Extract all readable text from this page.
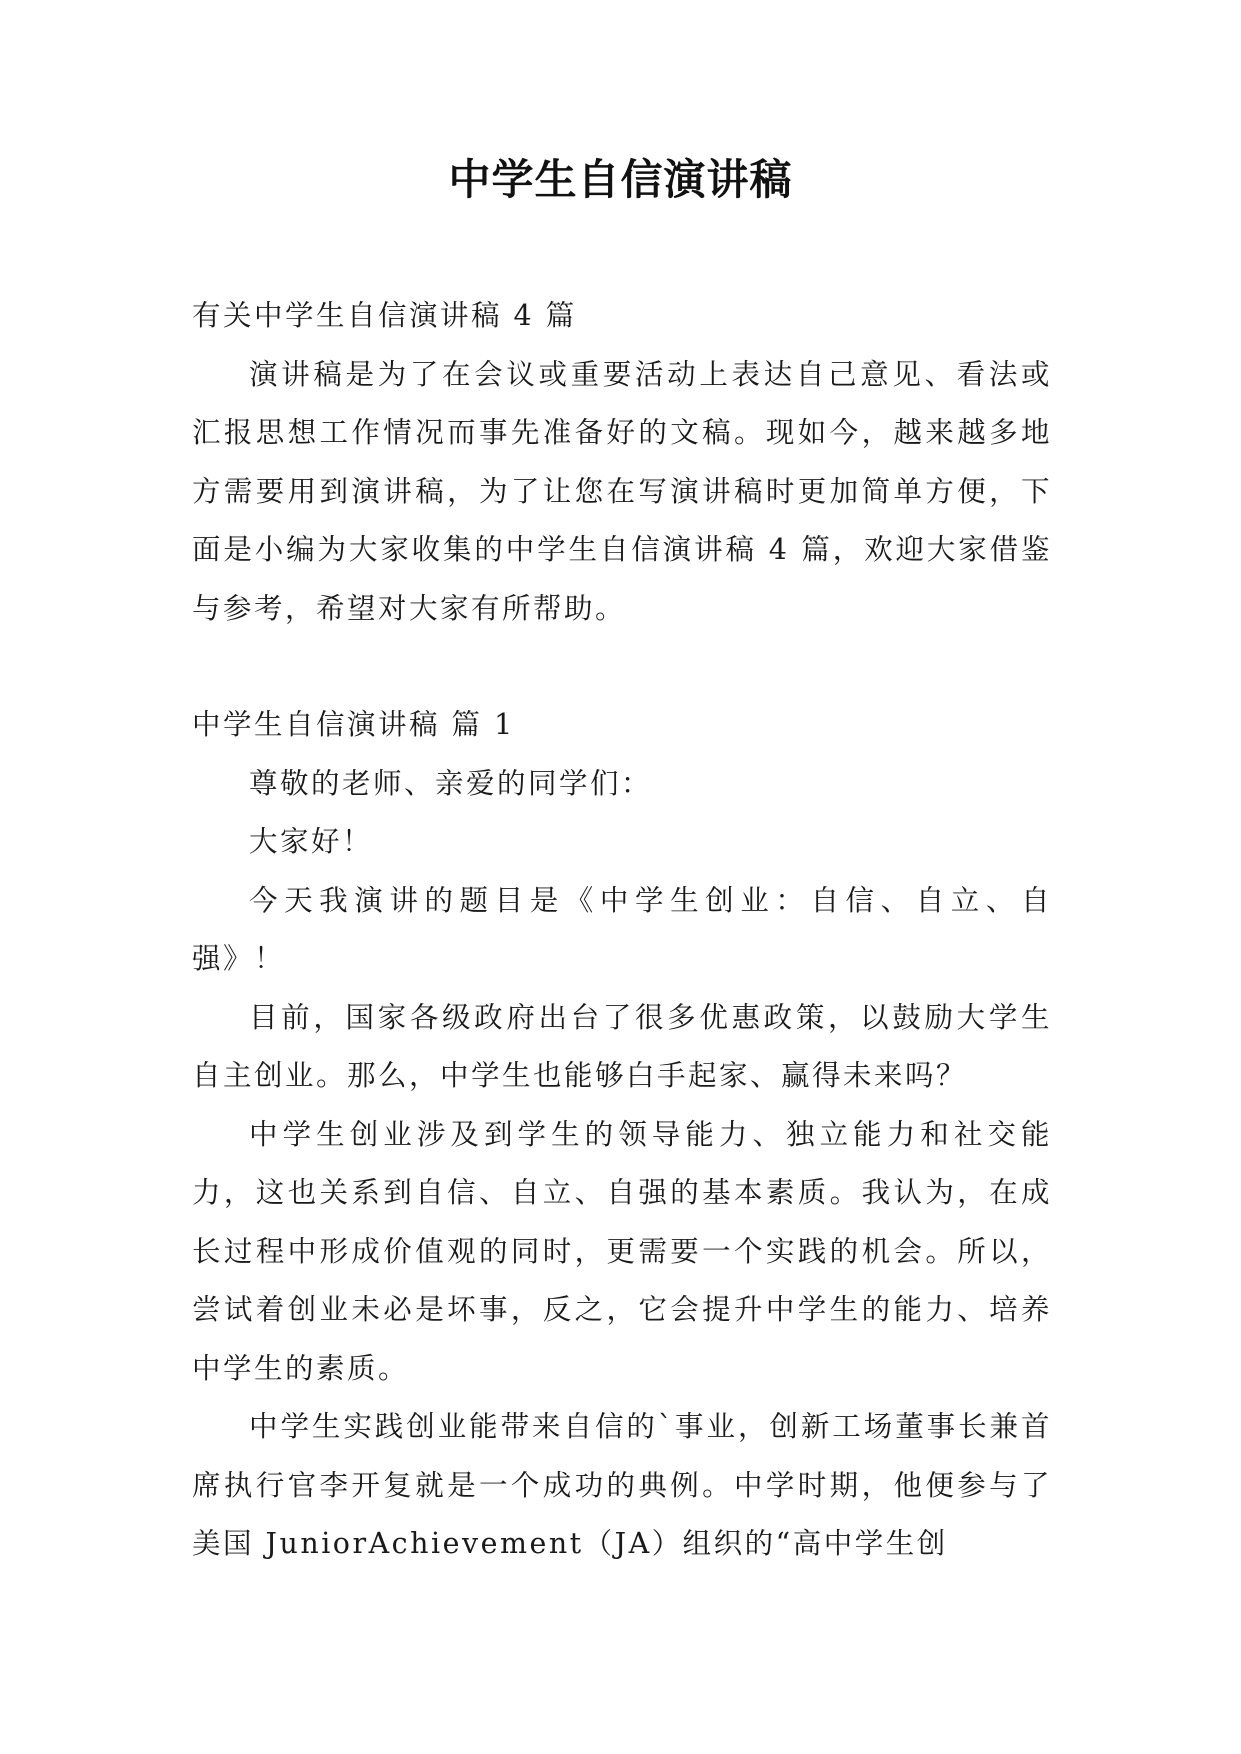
中学生自信演讲稿

有关中学生自信演讲稿 4 篇

演讲稿是为了在会议或重要活动上表达自己意见、看法或汇报思想工作情况而事先准备好的文稿。现如今，越来越多地方需要用到演讲稿，为了让您在写演讲稿时更加简单方便，下面是小编为大家收集的中学生自信演讲稿 4 篇，欢迎大家借鉴与参考，希望对大家有所帮助。

中学生自信演讲稿 篇 1

尊敬的老师、亲爱的同学们：

大家好！

今天我演讲的题目是《中学生创业：自信、自立、自强》！

目前，国家各级政府出台了很多优惠政策，以鼓励大学生自主创业。那么，中学生也能够白手起家、赢得未来吗？

中学生创业涉及到学生的领导能力、独立能力和社交能力，这也关系到自信、自立、自强的基本素质。我认为，在成长过程中形成价值观的同时，更需要一个实践的机会。所以，尝试着创业未必是坏事，反之，它会提升中学生的能力、培养中学生的素质。

中学生实践创业能带来自信的`事业，创新工场董事长兼首席执行官李开复就是一个成功的典例。中学时期，他便参与了美国 JuniorAchievement（JA）组织的“高中学生创
